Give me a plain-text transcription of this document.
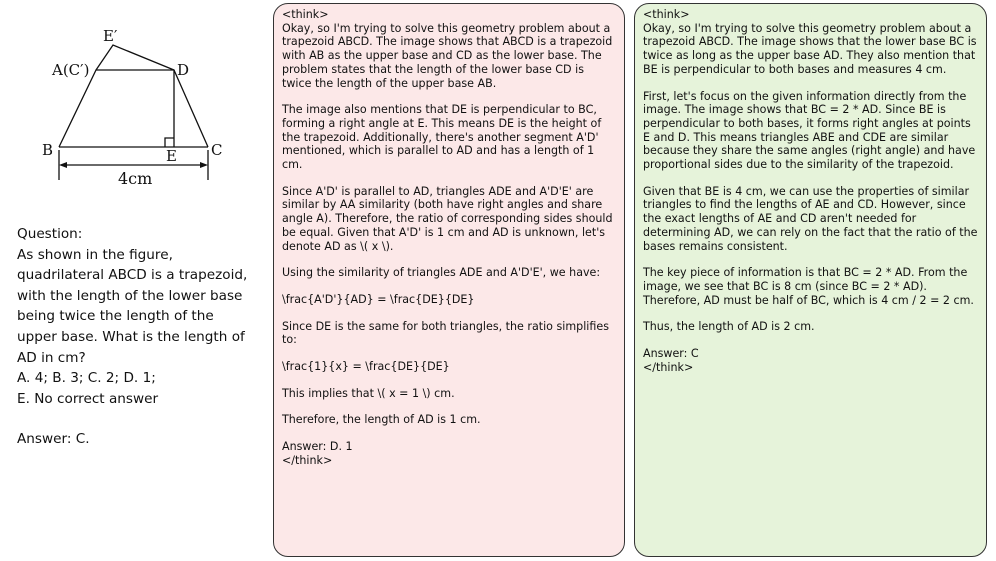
E′
A(C′)	D
B	E C
4cm
Question:
As shown in the figure,
quadrilateral ABCD is a trapezoid,
with the length of the lower base
being twice the length of the
upper base. What is the length of
AD in cm?
A. 4; B. 3; C. 2; D. 1;
E. No correct answer
Answer: C.

<think>
Okay, so I'm trying to solve this geometry problem about a trapezoid ABCD. The image shows that ABCD is a trapezoid with AB as the upper base and CD as the lower base. The problem states that the length of the lower base CD is twice the length of the upper base AB.

The image also mentions that DE is perpendicular to BC, forming a right angle at E. This means DE is the height of the trapezoid. Additionally, there's another segment A'D' mentioned, which is parallel to AD and has a length of 1 cm.

Since A'D' is parallel to AD, triangles ADE and A'D'E' are similar by AA similarity (both have right angles and share angle A). Therefore, the ratio of corresponding sides should be equal. Given that A'D' is 1 cm and AD is unknown, let's denote AD as \( x \).

Using the similarity of triangles ADE and A'D'E', we have:

\frac{A'D'}{AD} = \frac{DE}{DE}

Since DE is the same for both triangles, the ratio simplifies to:

\frac{1}{x} = \frac{DE}{DE}

This implies that \( x = 1 \) cm.

Therefore, the length of AD is 1 cm.

Answer: D. 1
</think>

<think>
Okay, so I'm trying to solve this geometry problem about a trapezoid ABCD. The image shows that the lower base BC is twice as long as the upper base AD. They also mention that BE is perpendicular to both bases and measures 4 cm.

First, let's focus on the given information directly from the image. The image shows that BC = 2 * AD. Since BE is perpendicular to both bases, it forms right angles at points E and D. This means triangles ABE and CDE are similar because they share the same angles (right angle) and have proportional sides due to the similarity of the trapezoid.

Given that BE is 4 cm, we can use the properties of similar triangles to find the lengths of AE and CD. However, since the exact lengths of AE and CD aren't needed for determining AD, we can rely on the fact that the ratio of the bases remains consistent.

The key piece of information is that BC = 2 * AD. From the image, we see that BC is 8 cm (since BC = 2 * AD). Therefore, AD must be half of BC, which is 4 cm / 2 = 2 cm.

Thus, the length of AD is 2 cm.

Answer: C
</think>
